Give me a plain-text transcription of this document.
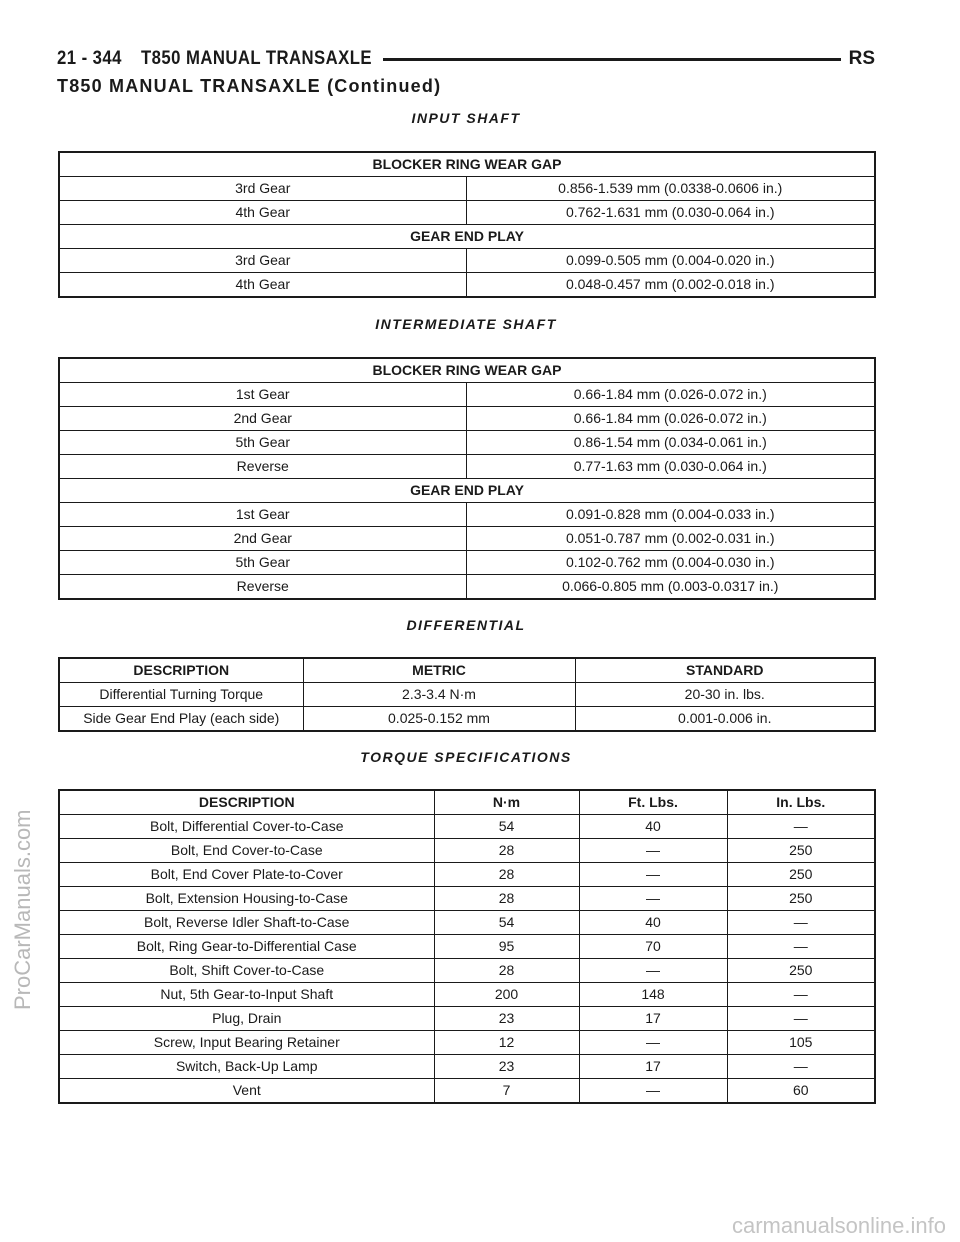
21 - 344 T850 MANUAL TRANSAXLE	RS
T850 MANUAL TRANSAXLE (Continued)
INPUT SHAFT
BLOCKER RING WEAR GAP	
3rd Gear	0.856-1.539 mm (0.0338-0.0606 in.)
4th Gear	0.762-1.631 mm (0.030-0.064 in.)
GEAR END PLAY	
3rd Gear	0.099-0.505 mm (0.004-0.020 in.)
4th Gear	0.048-0.457 mm (0.002-0.018 in.)
INTERMEDIATE SHAFT
BLOCKER RING WEAR GAP	
1st Gear	0.66-1.84 mm (0.026-0.072 in.)
2nd Gear	0.66-1.84 mm (0.026-0.072 in.)
5th Gear	0.86-1.54 mm (0.034-0.061 in.)
Reverse	0.77-1.63 mm (0.030-0.064 in.)
GEAR END PLAY	
1st Gear	0.091-0.828 mm (0.004-0.033 in.)
2nd Gear	0.051-0.787 mm (0.002-0.031 in.)
5th Gear	0.102-0.762 mm (0.004-0.030 in.)
Reverse	0.066-0.805 mm (0.003-0.0317 in.)
DIFFERENTIAL
DESCRIPTION	METRIC	STANDARD
Differential Turning Torque	2.3-3.4 N·m	20-30 in. lbs.
Side Gear End Play (each side)	0.025-0.152 mm	0.001-0.006 in.
TORQUE SPECIFICATIONS
DESCRIPTION	N·m	Ft. Lbs.	In. Lbs.
Bolt, Differential Cover-to-Case	54	40	—
Bolt, End Cover-to-Case	28	—	250
Bolt, End Cover Plate-to-Cover	28	—	250
Bolt, Extension Housing-to-Case	28	—	250
Bolt, Reverse Idler Shaft-to-Case	54	40	—
Bolt, Ring Gear-to-Differential Case	95	70	—
Bolt, Shift Cover-to-Case	28	—	250
Nut, 5th Gear-to-Input Shaft	200	148	—
Plug, Drain	23	17	—
Screw, Input Bearing Retainer	12	—	105
Switch, Back-Up Lamp	23	17	—
Vent	7	—	60
ProCarManuals.com
carmanualsonline.info
